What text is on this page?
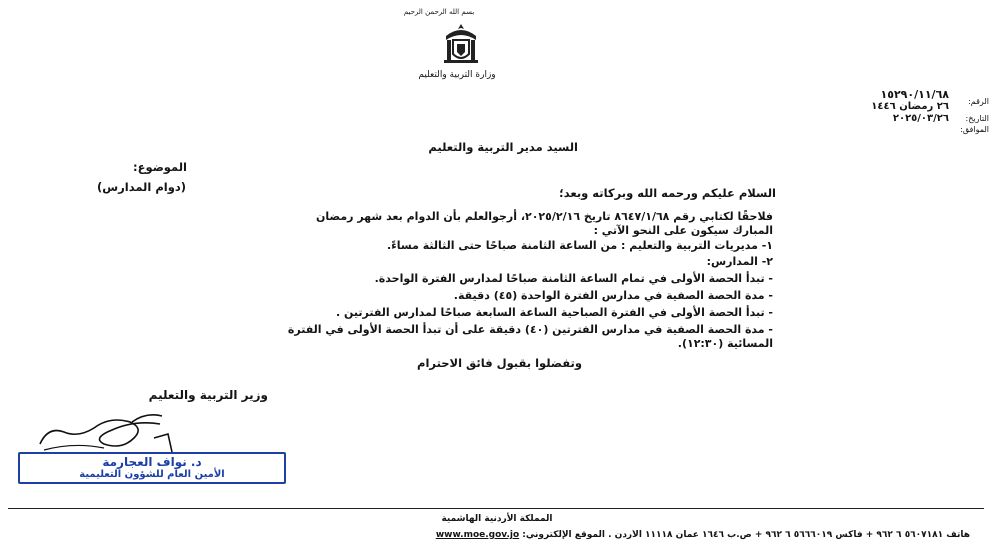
بسم الله الرحمن الرحيم
وزارة التربية والتعليم
الرقم:
١٥٢٩٠/١١/٦٨
٢٦ رمضان ١٤٤٦
التاريخ:
٢٠٢٥/٠٣/٢٦
الموافق:
السيد مدير التربية والتعليم
الموضوع:
(دوام المدارس)	السلام عليكم ورحمه الله وبركاته وبعد؛
فلاحقًا لكتابي رقم ٨٦٤٧/١/٦٨ تاريخ ٢٠٢٥/٢/١٦، أرجوالعلم بأن الدوام بعد شهر رمضان
المبارك سيكون على النحو الآتي :
١- مديريات التربية والتعليم : من الساعة الثامنة صباحًا حتى الثالثة مساءً.
٢- المدارس:
- تبدأ الحصة الأولى في تمام الساعة الثامنة صباحًا لمدارس الفترة الواحدة.
- مدة الحصة الصفية في مدارس الفترة الواحدة (٤٥) دقيقة.
- تبدأ الحصة الأولى في الفترة الصباحية الساعة السابعة صباحًا لمدارس الفترتين .
- مدة الحصة الصفية في مدارس الفترتين (٤٠) دقيقة على أن تبدأ الحصة الأولى في الفترة
المسائية (١٢:٣٠).
وتفضلوا بقبول فائق الاحترام
وزير التربية والتعليم
د. نواف العجارمة
الأمين العام للشؤون التعليمية
المملكة الأردنية الهاشمية
هاتف ٥٦٠٧١٨١ ٦ ٩٦٢ + فاكس ٥٦٦٦٠١٩ ٦ ٩٦٢ + ص.ب ١٦٤٦ عمان ١١١١٨ الأردن . الموقع الإلكتروني: www.moe.gov.jo
